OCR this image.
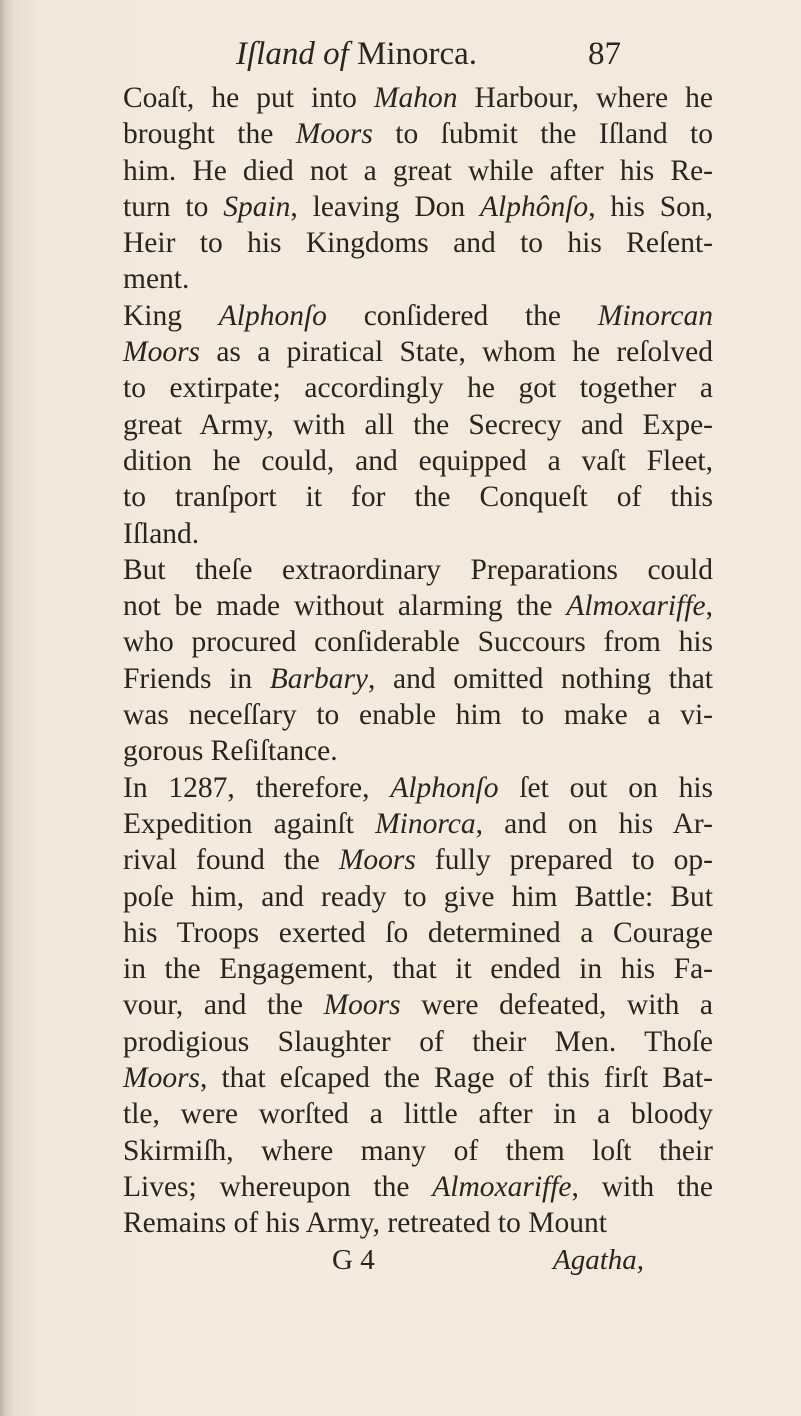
Iſland of Minorca.	87
Coaſt, he put into Mahon Harbour, where he
brought the Moors to ſubmit the Iſland to
him. He died not a great while after his Re-
turn to Spain, leaving Don Alphônſo, his Son,
Heir to his Kingdoms and to his Reſent-
ment.
King Alphonſo conſidered the Minorcan
Moors as a piratical State, whom he reſolved
to extirpate; accordingly he got together a
great Army, with all the Secrecy and Expe-
dition he could, and equipped a vaſt Fleet,
to tranſport it for the Conqueſt of this
Iſland.
But theſe extraordinary Preparations could
not be made without alarming the Almoxariffe,
who procured conſiderable Succours from his
Friends in Barbary, and omitted nothing that
was neceſſary to enable him to make a vi-
gorous Reſiſtance.
In 1287, therefore, Alphonſo ſet out on his
Expedition againſt Minorca, and on his Ar-
rival found the Moors fully prepared to op-
poſe him, and ready to give him Battle: But
his Troops exerted ſo determined a Courage
in the Engagement, that it ended in his Fa-
vour, and the Moors were defeated, with a
prodigious Slaughter of their Men. Thoſe
Moors, that eſcaped the Rage of this firſt Bat-
tle, were worſted a little after in a bloody
Skirmiſh, where many of them loſt their
Lives; whereupon the Almoxariffe, with the
Remains of his Army, retreated to Mount
G 4	Agatha,
